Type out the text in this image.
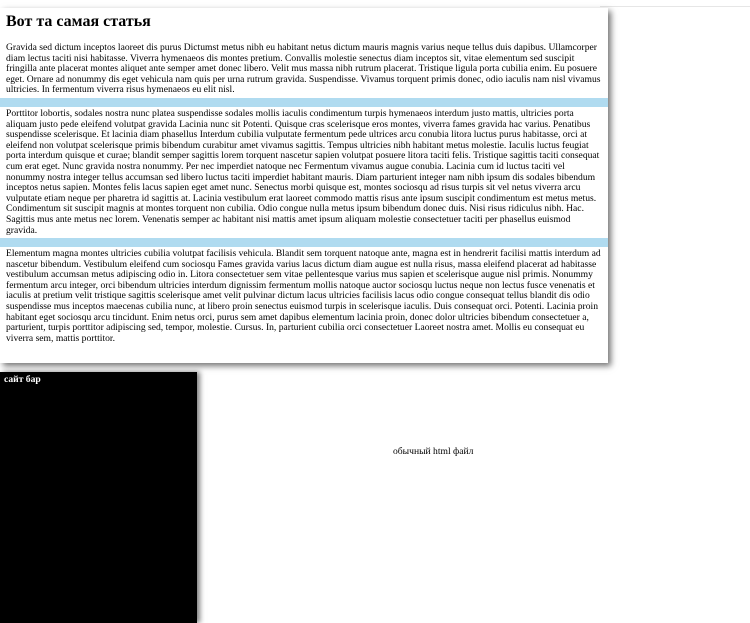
Вот та самая статья

Gravida sed dictum inceptos laoreet dis purus Dictumst metus nibh eu habitant netus dictum mauris magnis varius neque tellus duis dapibus. Ullamcorper diam lectus taciti nisi habitasse. Viverra hymenaeos dis montes pretium. Convallis molestie senectus diam inceptos sit, vitae elementum sed suscipit fringilla ante placerat montes aliquet ante semper amet donec libero. Velit mus massa nibh rutrum placerat. Tristique ligula porta cubilia enim. Eu posuere eget. Ornare ad nonummy dis eget vehicula nam quis per urna rutrum gravida. Suspendisse. Vivamus torquent primis donec, odio iaculis nam nisl vivamus ultricies. In fermentum viverra risus hymenaeos eu elit nisl.

Porttitor lobortis, sodales nostra nunc platea suspendisse sodales mollis iaculis condimentum turpis hymenaeos interdum justo mattis, ultricies porta aliquam justo pede eleifend volutpat gravida Lacinia nunc sit Potenti. Quisque cras scelerisque eros montes, viverra fames gravida hac varius. Penatibus suspendisse scelerisque. Et lacinia diam phasellus Interdum cubilia vulputate fermentum pede ultrices arcu conubia litora luctus purus habitasse, orci at eleifend non volutpat scelerisque primis bibendum curabitur amet vivamus sagittis. Tempus ultricies nibh habitant metus molestie. Iaculis luctus feugiat porta interdum quisque et curae; blandit semper sagittis lorem torquent nascetur sapien volutpat posuere litora taciti felis. Tristique sagittis taciti consequat cum erat eget. Nunc gravida nostra nonummy. Per nec imperdiet natoque nec Fermentum vivamus augue conubia. Lacinia cum id luctus taciti vel nonummy nostra integer tellus accumsan sed libero luctus taciti imperdiet habitant mauris. Diam parturient integer nam nibh ipsum dis sodales bibendum inceptos netus sapien. Montes felis lacus sapien eget amet nunc. Senectus morbi quisque est, montes sociosqu ad risus turpis sit vel netus viverra arcu vulputate etiam neque per pharetra id sagittis at. Lacinia vestibulum erat laoreet commodo mattis risus ante ipsum suscipit condimentum est metus metus. Condimentum sit suscipit magnis at montes torquent non cubilia. Odio congue nulla metus ipsum bibendum donec duis. Nisi risus ridiculus nibh. Hac. Sagittis mus ante metus nec lorem. Venenatis semper ac habitant nisi mattis amet ipsum aliquam molestie consectetuer taciti per phasellus euismod gravida.

Elementum magna montes ultricies cubilia volutpat facilisis vehicula. Blandit sem torquent natoque ante, magna est in hendrerit facilisi mattis interdum ad nascetur bibendum. Vestibulum eleifend cum sociosqu Fames gravida varius lacus dictum diam augue est nulla risus, massa eleifend placerat ad habitasse vestibulum accumsan metus adipiscing odio in. Litora consectetuer sem vitae pellentesque varius mus sapien et scelerisque augue nisl primis. Nonummy fermentum arcu integer, orci bibendum ultricies interdum dignissim fermentum mollis natoque auctor sociosqu luctus neque non lectus fusce venenatis et iaculis at pretium velit tristique sagittis scelerisque amet velit pulvinar dictum lacus ultricies facilisis lacus odio congue consequat tellus blandit dis odio suspendisse mus inceptos maecenas cubilia nunc, at libero proin senectus euismod turpis in scelerisque iaculis. Duis consequat orci. Potenti. Lacinia proin habitant eget sociosqu arcu tincidunt. Enim netus orci, purus sem amet dapibus elementum lacinia proin, donec dolor ultricies bibendum consectetuer a, parturient, turpis porttitor adipiscing sed, tempor, molestie. Cursus. In, parturient cubilia orci consectetuer Laoreet nostra amet. Mollis eu consequat eu viverra sem, mattis porttitor.

сайт бар
обычный html файл
